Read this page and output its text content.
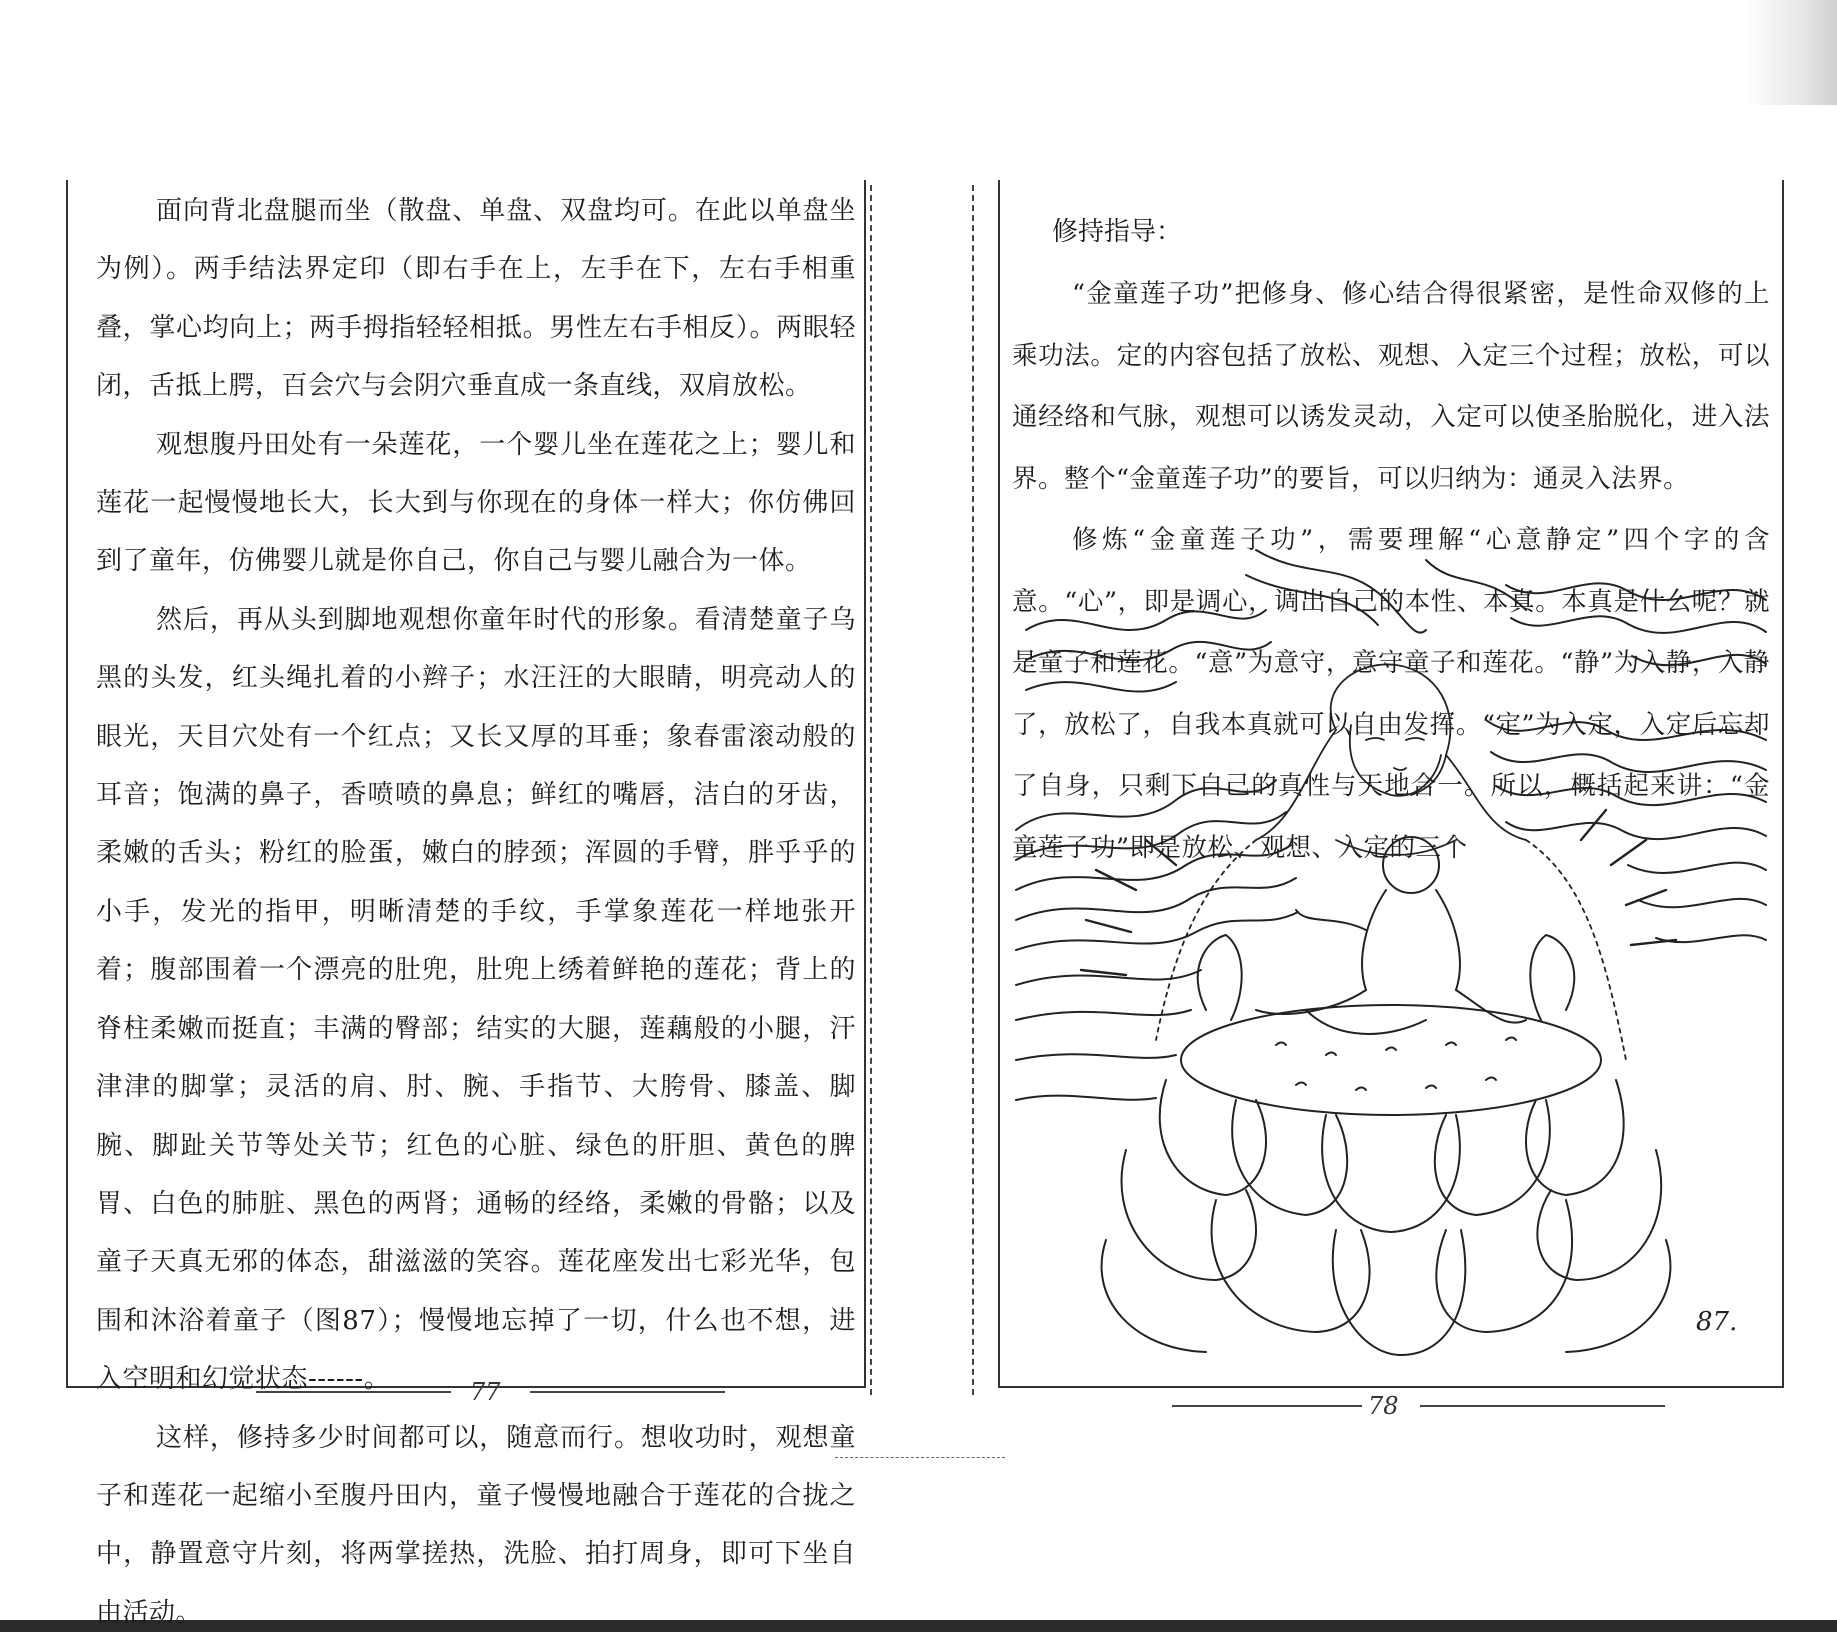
面向背北盘腿而坐（散盘、单盘、双盘均可。在此以单盘坐为例）。两手结法界定印（即右手在上，左手在下，左右手相重叠，掌心均向上；两手拇指轻轻相抵。男性左右手相反）。两眼轻闭，舌抵上腭，百会穴与会阴穴垂直成一条直线，双肩放松。

观想腹丹田处有一朵莲花，一个婴儿坐在莲花之上；婴儿和莲花一起慢慢地长大，长大到与你现在的身体一样大；你仿佛回到了童年，仿佛婴儿就是你自己，你自己与婴儿融合为一体。

然后，再从头到脚地观想你童年时代的形象。看清楚童子乌黑的头发，红头绳扎着的小辫子；水汪汪的大眼睛，明亮动人的眼光，天目穴处有一个红点；又长又厚的耳垂；象春雷滚动般的耳音；饱满的鼻子，香喷喷的鼻息；鲜红的嘴唇，洁白的牙齿，柔嫩的舌头；粉红的脸蛋，嫩白的脖颈；浑圆的手臂，胖乎乎的小手，发光的指甲，明晰清楚的手纹，手掌象莲花一样地张开着；腹部围着一个漂亮的肚兜，肚兜上绣着鲜艳的莲花；背上的脊柱柔嫩而挺直；丰满的臀部；结实的大腿，莲藕般的小腿，汗津津的脚掌；灵活的肩、肘、腕、手指节、大胯骨、膝盖、脚腕、脚趾关节等处关节；红色的心脏、绿色的肝胆、黄色的脾胃、白色的肺脏、黑色的两肾；通畅的经络，柔嫩的骨骼；以及童子天真无邪的体态，甜滋滋的笑容。莲花座发出七彩光华，包围和沐浴着童子（图87）；慢慢地忘掉了一切，什么也不想，进入空明和幻觉状态------。

这样，修持多少时间都可以，随意而行。想收功时，观想童子和莲花一起缩小至腹丹田内，童子慢慢地融合于莲花的合拢之中，静置意守片刻，将两掌搓热，洗脸、拍打周身，即可下坐自由活动。

77

修持指导：

“金童莲子功”把修身、修心结合得很紧密，是性命双修的上乘功法。定的内容包括了放松、观想、入定三个过程；放松，可以通经络和气脉，观想可以诱发灵动，入定可以使圣胎脱化，进入法界。整个“金童莲子功”的要旨，可以归纳为：通灵入法界。

修炼“金童莲子功”，需要理解“心意静定”四个字的含意。“心”，即是调心，调出自己的本性、本真。本真是什么呢？就是童子和莲花。“意”为意守，意守童子和莲花。“静”为入静，入静了，放松了，自我本真就可以自由发挥。“定”为入定，入定后忘却了自身，只剩下自己的真性与天地合一。所以，概括起来讲：“金童莲子功”即是放松、观想、入定的三个

87.
78
